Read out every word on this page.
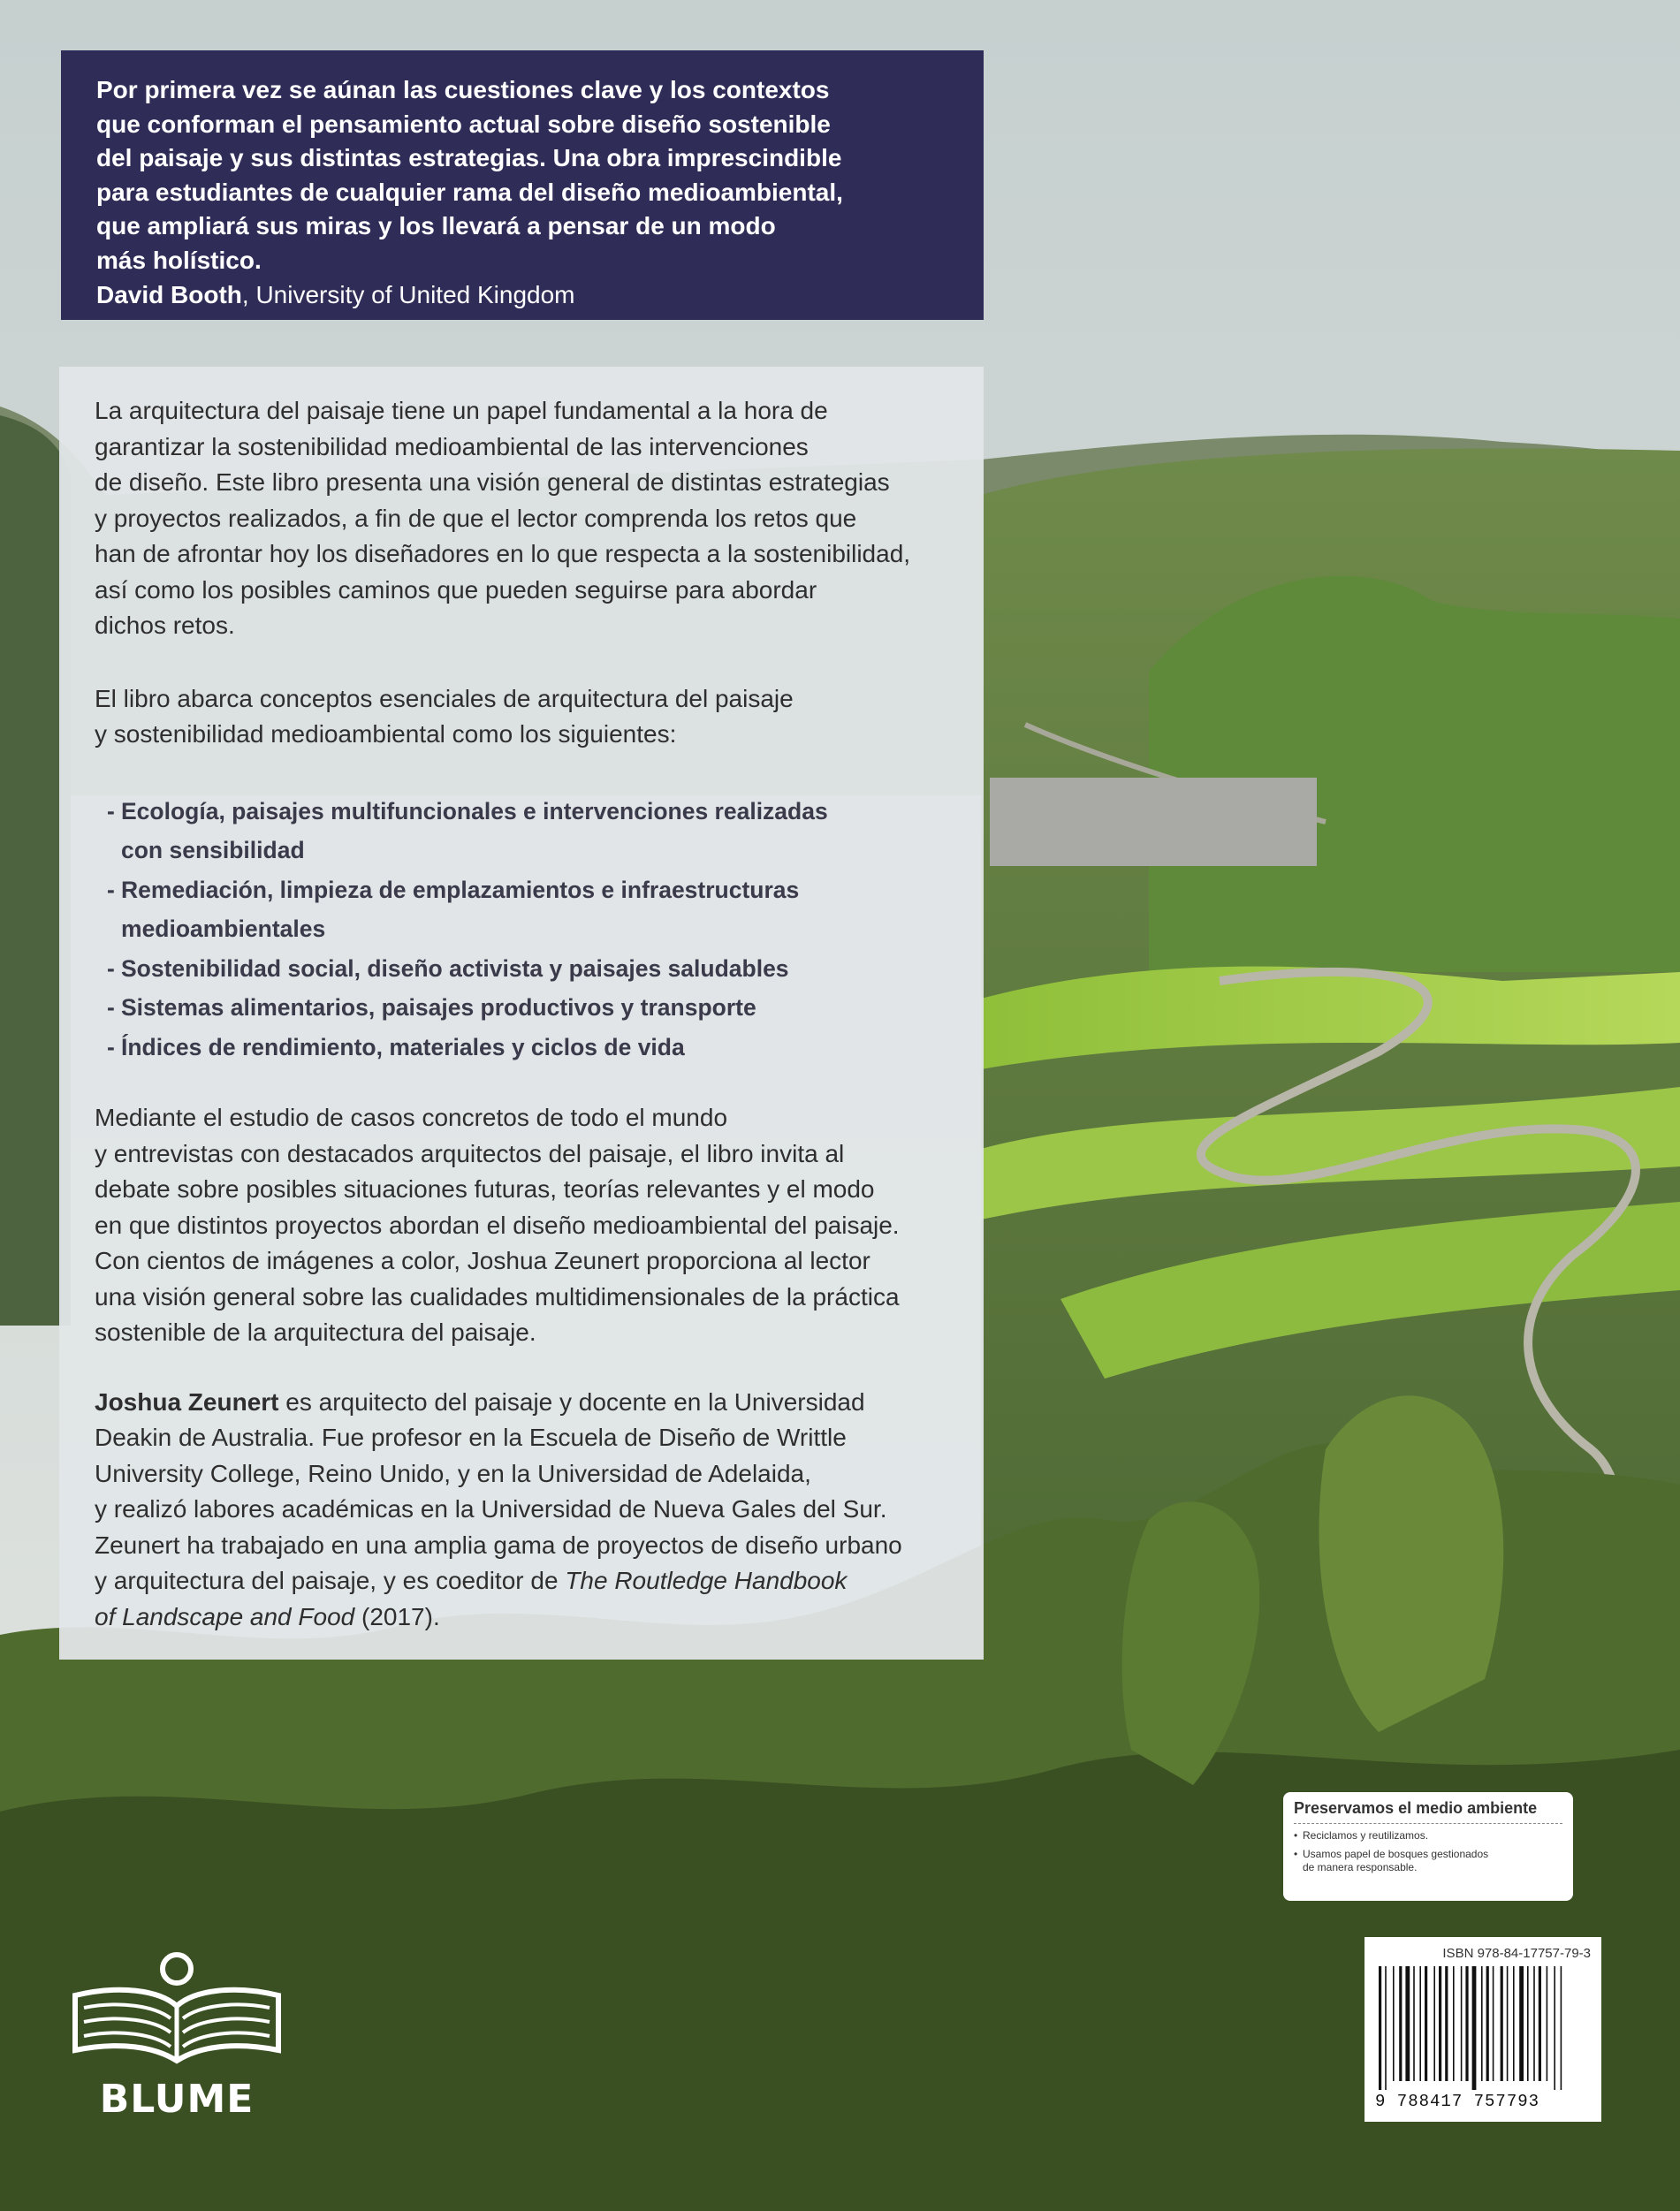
Por primera vez se aúnan las cuestiones clave y los contextos
que conforman el pensamiento actual sobre diseño sostenible
del paisaje y sus distintas estrategias. Una obra imprescindible
para estudiantes de cualquier rama del diseño medioambiental,
que ampliará sus miras y los llevará a pensar de un modo
más holístico.

David Booth, University of United Kingdom

La arquitectura del paisaje tiene un papel fundamental a la hora de
garantizar la sostenibilidad medioambiental de las intervenciones
de diseño. Este libro presenta una visión general de distintas estrategias
y proyectos realizados, a fin de que el lector comprenda los retos que
han de afrontar hoy los diseñadores en lo que respecta a la sostenibilidad,
así como los posibles caminos que pueden seguirse para abordar
dichos retos.

El libro abarca conceptos esenciales de arquitectura del paisaje
y sostenibilidad medioambiental como los siguientes:

- Ecología, paisajes multifuncionales e intervenciones realizadas
con sensibilidad
- Remediación, limpieza de emplazamientos e infraestructuras
medioambientales
- Sostenibilidad social, diseño activista y paisajes saludables
- Sistemas alimentarios, paisajes productivos y transporte
- Índices de rendimiento, materiales y ciclos de vida

Mediante el estudio de casos concretos de todo el mundo
y entrevistas con destacados arquitectos del paisaje, el libro invita al
debate sobre posibles situaciones futuras, teorías relevantes y el modo
en que distintos proyectos abordan el diseño medioambiental del paisaje.
Con cientos de imágenes a color, Joshua Zeunert proporciona al lector
una visión general sobre las cualidades multidimensionales de la práctica
sostenible de la arquitectura del paisaje.

Joshua Zeunert es arquitecto del paisaje y docente en la Universidad
Deakin de Australia. Fue profesor en la Escuela de Diseño de Writtle
University College, Reino Unido, y en la Universidad de Adelaida,
y realizó labores académicas en la Universidad de Nueva Gales del Sur.
Zeunert ha trabajado en una amplia gama de proyectos de diseño urbano
y arquitectura del paisaje, y es coeditor de The Routledge Handbook
of Landscape and Food (2017).

Preservamos el medio ambiente

• Reciclamos y reutilizamos.
• Usamos papel de bosques gestionados
de manera responsable.

ISBN 978-84-17757-79-3

9 788417 757793
BLUME
